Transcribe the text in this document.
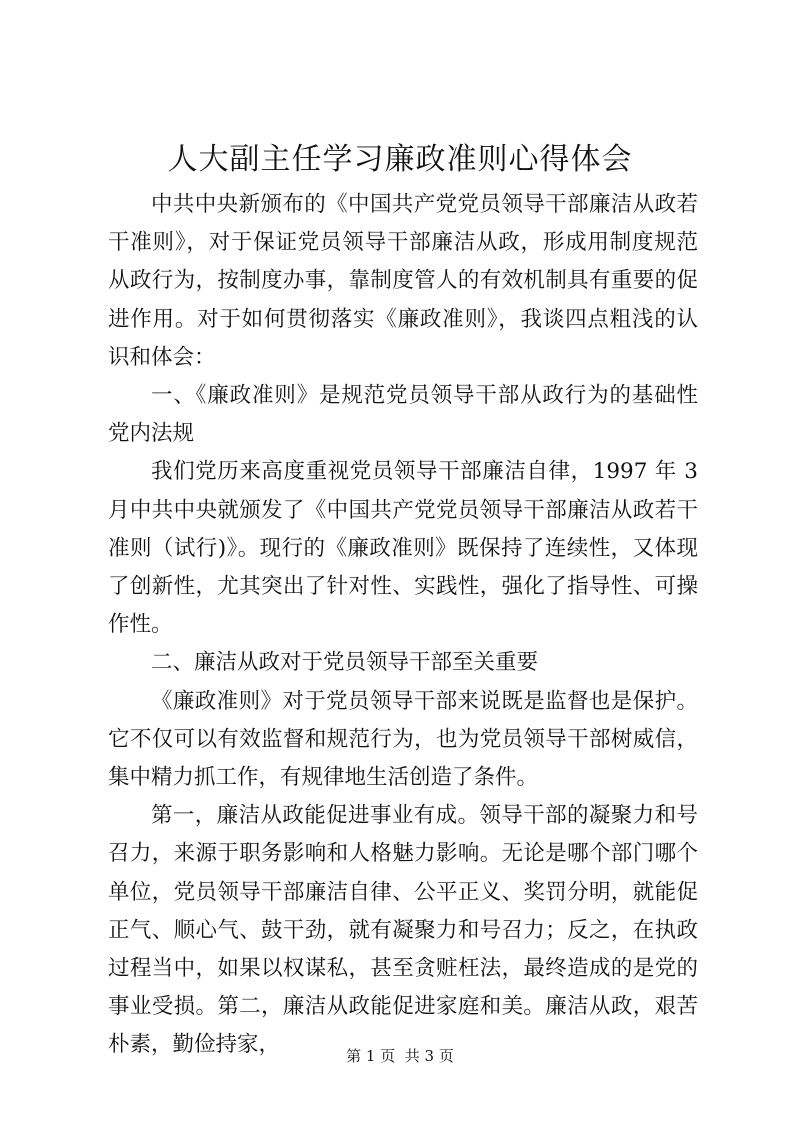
人大副主任学习廉政准则心得体会

中共中央新颁布的《中国共产党党员领导干部廉洁从政若干准则》，对于保证党员领导干部廉洁从政，形成用制度规范从政行为，按制度办事，靠制度管人的有效机制具有重要的促进作用。对于如何贯彻落实《廉政准则》，我谈四点粗浅的认识和体会：

一、《廉政准则》是规范党员领导干部从政行为的基础性党内法规

我们党历来高度重视党员领导干部廉洁自律，1997 年 3 月中共中央就颁发了《中国共产党党员领导干部廉洁从政若干准则（试行)》。现行的《廉政准则》既保持了连续性，又体现了创新性，尤其突出了针对性、实践性，强化了指导性、可操作性。

二、廉洁从政对于党员领导干部至关重要

《廉政准则》对于党员领导干部来说既是监督也是保护。它不仅可以有效监督和规范行为，也为党员领导干部树威信，集中精力抓工作，有规律地生活创造了条件。

第一，廉洁从政能促进事业有成。领导干部的凝聚力和号召力，来源于职务影响和人格魅力影响。无论是哪个部门哪个单位，党员领导干部廉洁自律、公平正义、奖罚分明，就能促正气、顺心气、鼓干劲，就有凝聚力和号召力；反之，在执政过程当中，如果以权谋私，甚至贪赃枉法，最终造成的是党的事业受损。第二，廉洁从政能促进家庭和美。廉洁从政，艰苦朴素，勤俭持家，	第 1 页  共 3 页
